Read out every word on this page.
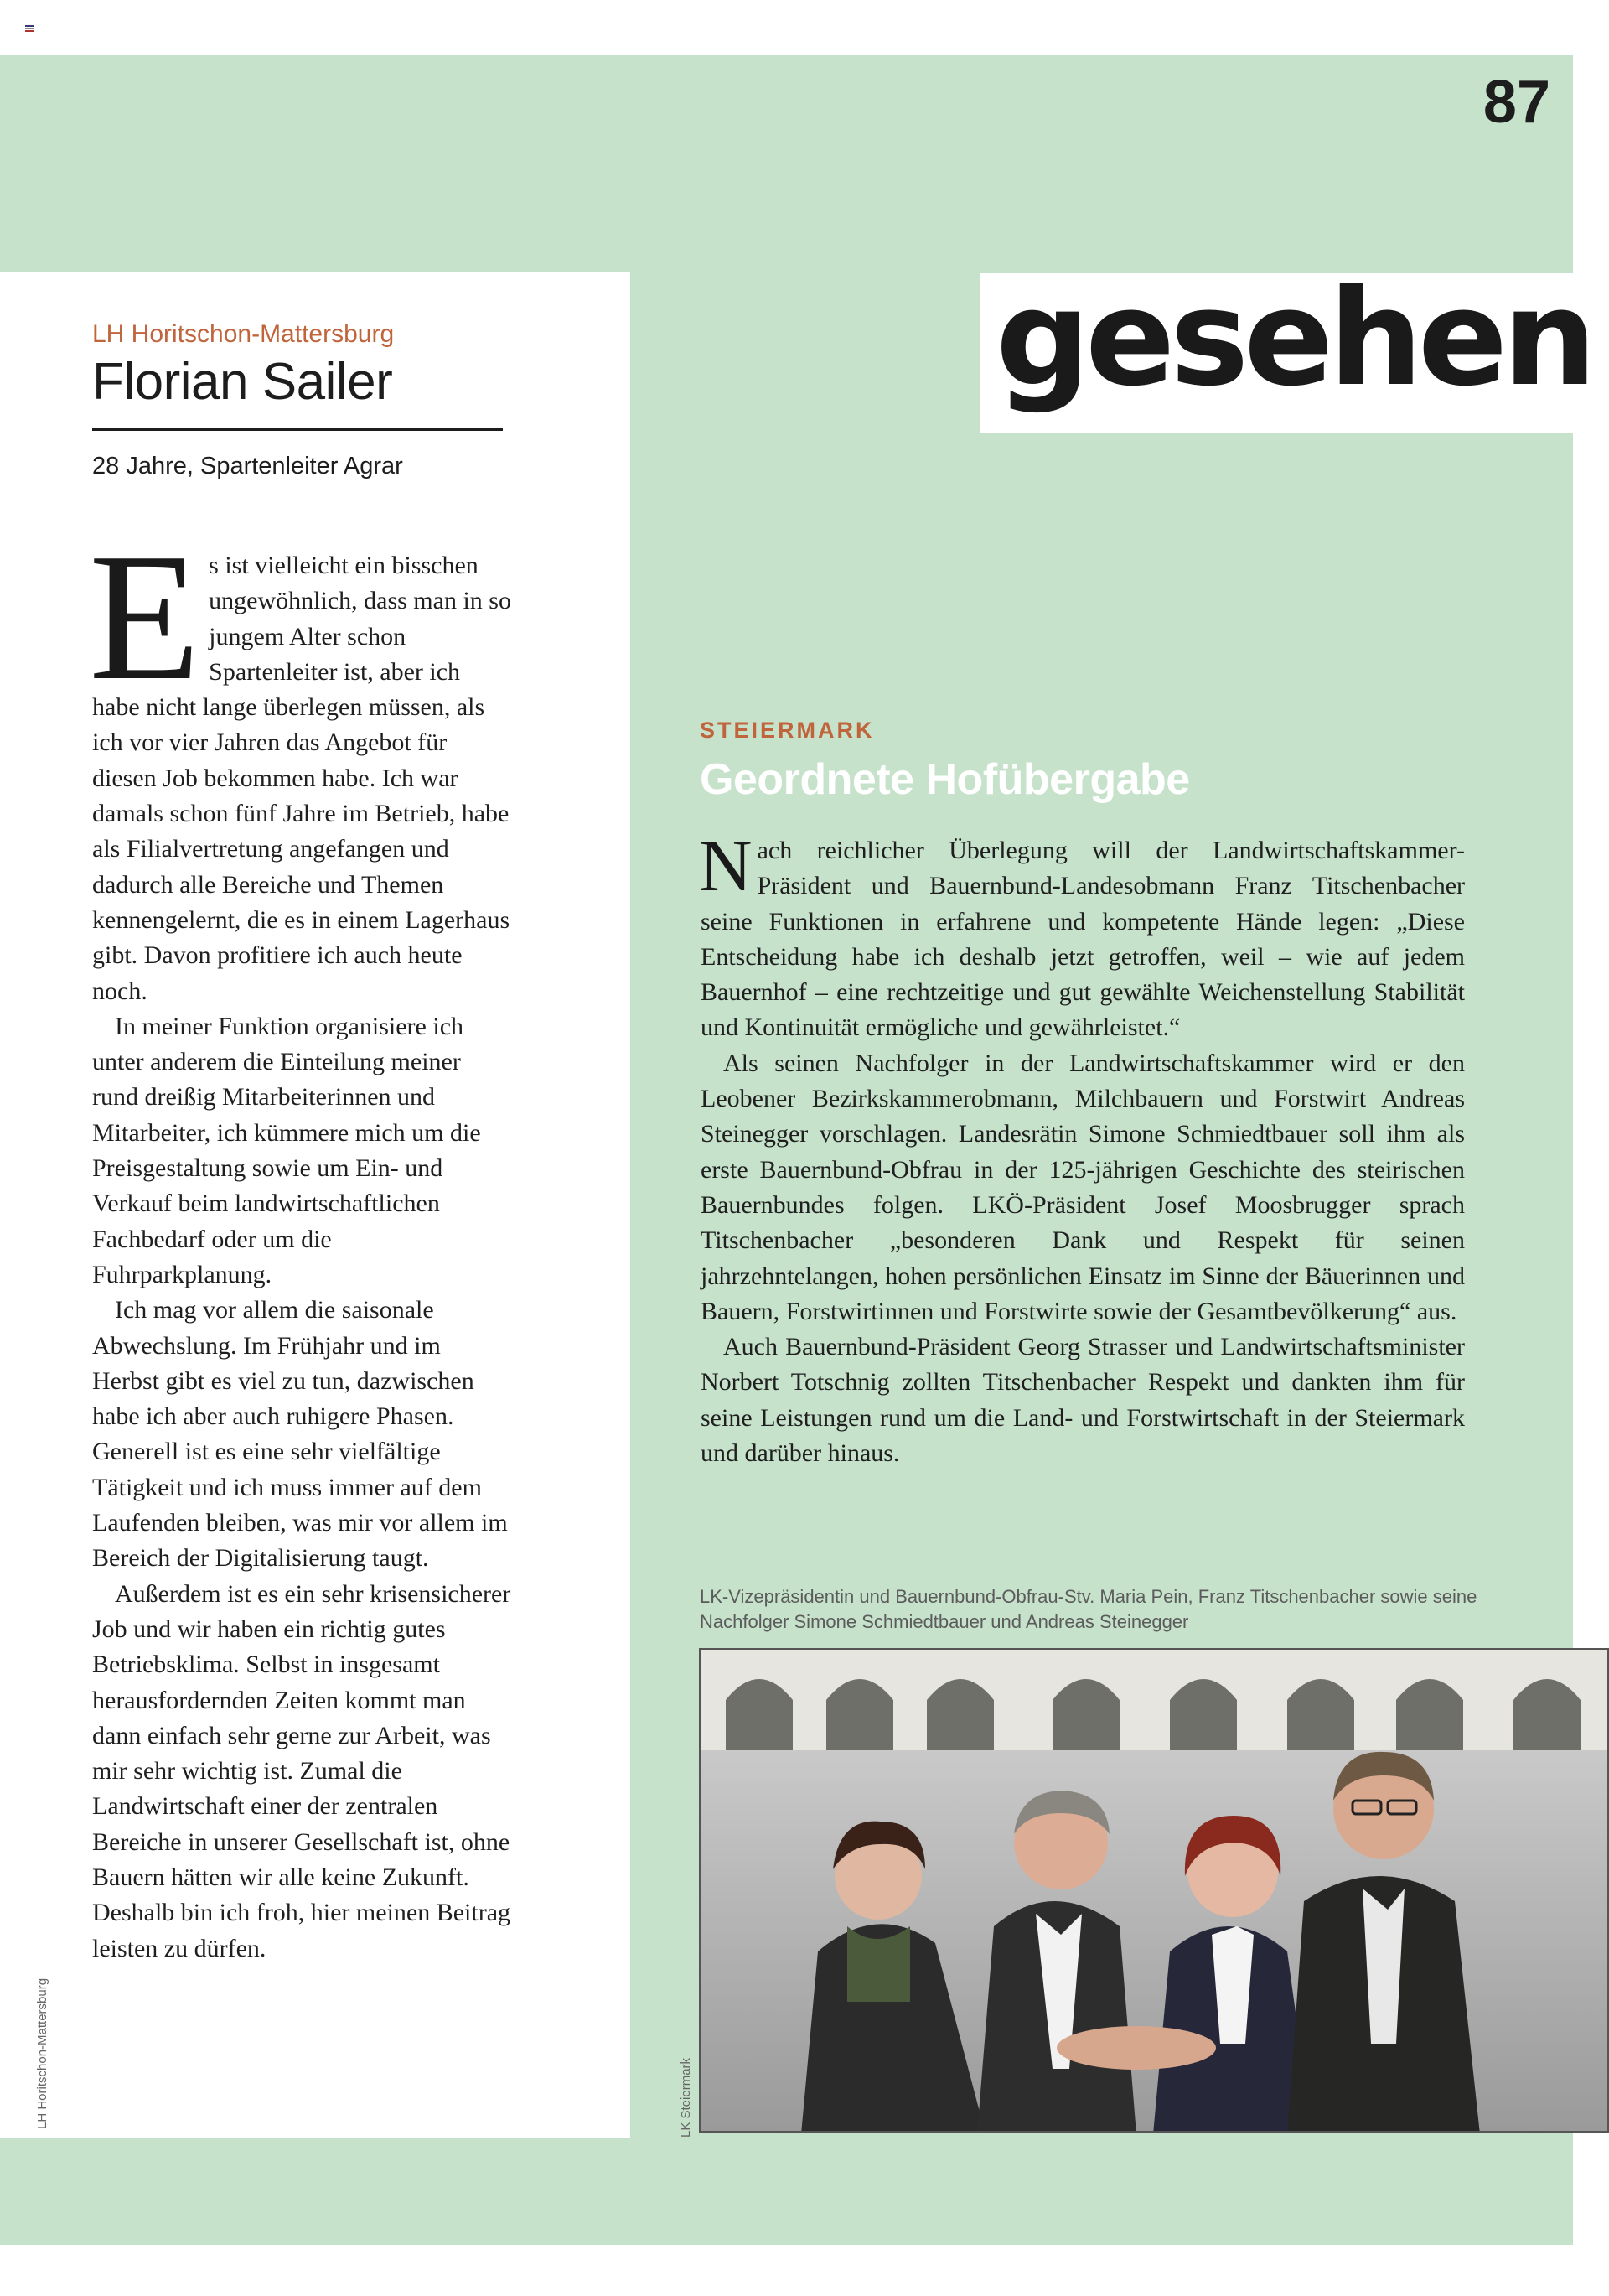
87
LH Horitschon-Mattersburg
Florian Sailer
28 Jahre, Spartenleiter Agrar

Es ist vielleicht ein bisschen ungewöhnlich, dass man in so jungem Alter schon Spartenleiter ist, aber ich habe nicht lange überlegen müssen, als ich vor vier Jahren das Angebot für diesen Job bekommen habe. Ich war damals schon fünf Jahre im Betrieb, habe als Filialvertretung angefangen und dadurch alle Bereiche und Themen kennengelernt, die es in einem Lagerhaus gibt. Davon profitiere ich auch heute noch.

In meiner Funktion organisiere ich unter anderem die Einteilung meiner rund dreißig Mitarbeiterinnen und Mitarbeiter, ich kümmere mich um die Preisgestaltung sowie um Ein- und Verkauf beim landwirtschaftlichen Fachbedarf oder um die Fuhrparkplanung.

Ich mag vor allem die saisonale Abwechslung. Im Frühjahr und im Herbst gibt es viel zu tun, dazwischen habe ich aber auch ruhigere Phasen. Generell ist es eine sehr vielfältige Tätigkeit und ich muss immer auf dem Laufenden bleiben, was mir vor allem im Bereich der Digitalisierung taugt.

Außerdem ist es ein sehr krisensicherer Job und wir haben ein richtig gutes Betriebsklima. Selbst in insgesamt herausfordernden Zeiten kommt man dann einfach sehr gerne zur Arbeit, was mir sehr wichtig ist. Zumal die Landwirtschaft einer der zentralen Bereiche in unserer Gesellschaft ist, ohne Bauern hätten wir alle keine Zukunft. Deshalb bin ich froh, hier meinen Beitrag leisten zu dürfen.

LH Horitschon-Mattersburg
gesehen
STEIERMARK
Geordnete Hofübergabe

Nach reichlicher Überlegung will der Landwirtschaftskammer-Präsident und Bauernbund-Landesobmann Franz Titschenbacher seine Funktionen in erfahrene und kompetente Hände legen: „Diese Entscheidung habe ich deshalb jetzt getroffen, weil – wie auf jedem Bauernhof – eine rechtzeitige und gut gewählte Weichenstellung Stabilität und Kontinuität ermögliche und gewährleistet.“

Als seinen Nachfolger in der Landwirtschaftskammer wird er den Leobener Bezirkskammerobmann, Milchbauern und Forstwirt Andreas Steinegger vorschlagen. Landesrätin Simone Schmiedtbauer soll ihm als erste Bauernbund-Obfrau in der 125-jährigen Geschichte des steirischen Bauernbundes folgen. LKÖ-Präsident Josef Moosbrugger sprach Titschenbacher „besonderen Dank und Respekt für seinen jahrzehntelangen, hohen persönlichen Einsatz im Sinne der Bäuerinnen und Bauern, Forstwirtinnen und Forstwirte sowie der Gesamtbevölkerung“ aus.

Auch Bauernbund-Präsident Georg Strasser und Landwirtschaftsminister Norbert Totschnig zollten Titschenbacher Respekt und dankten ihm für seine Leistungen rund um die Land- und Forstwirtschaft in der Steiermark und darüber hinaus.

LK-Vizepräsidentin und Bauernbund-Obfrau-Stv. Maria Pein, Franz Titschenbacher sowie seine Nachfolger Simone Schmiedtbauer und Andreas Steinegger
LK Steiermark
